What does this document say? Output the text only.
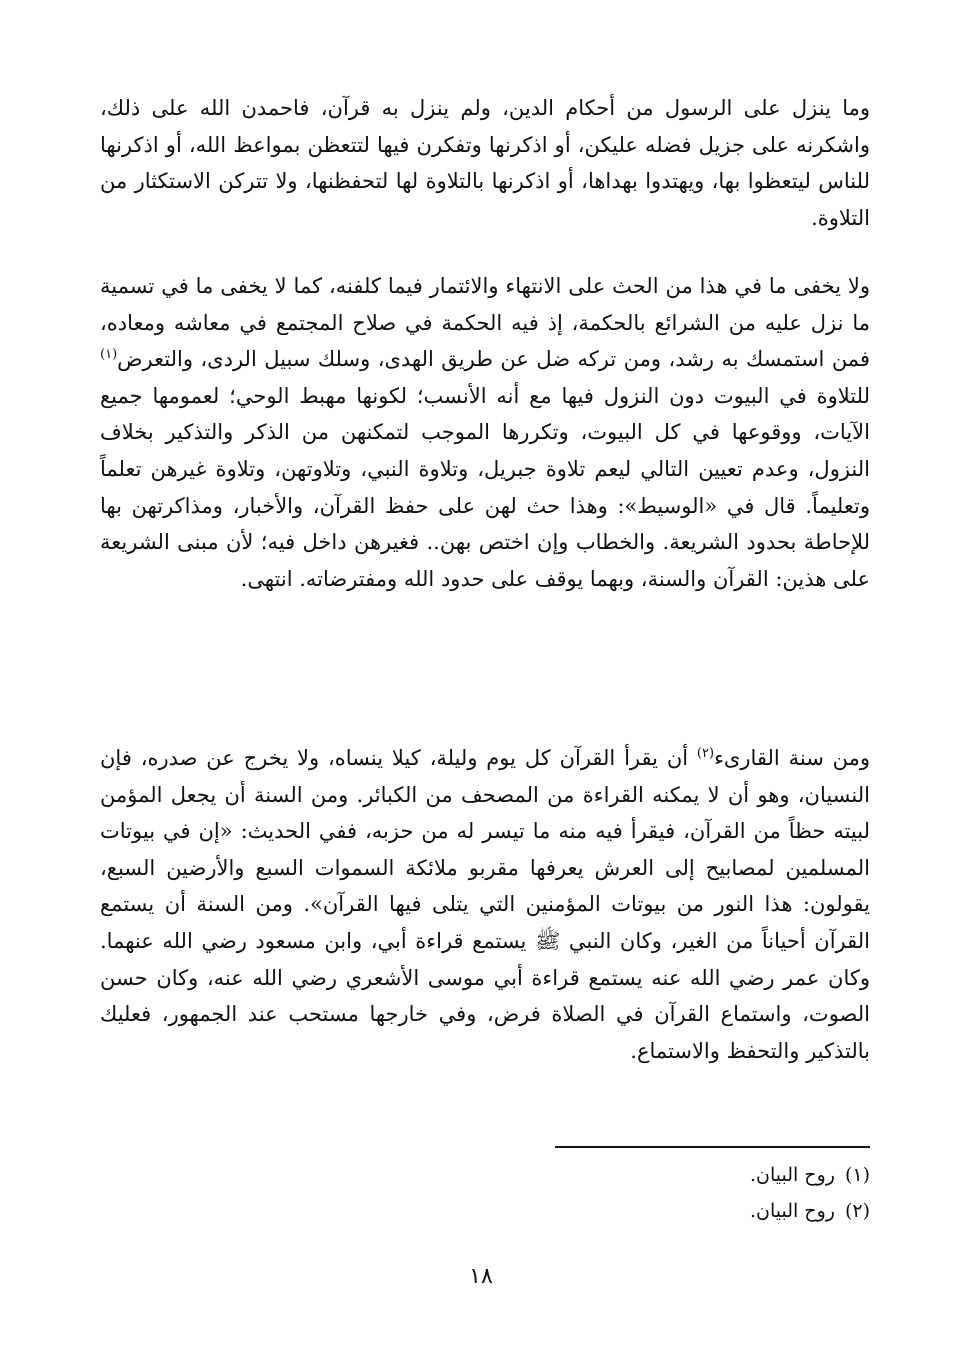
وما ينزل على الرسول من أحكام الدين، ولم ينزل به قرآن، فاحمدن الله على ذلك، واشكرنه على جزيل فضله عليكن، أو اذكرنها وتفكرن فيها لتتعظن بمواعظ الله، أو اذكرنها للناس ليتعظوا بها، ويهتدوا بهداها، أو اذكرنها بالتلاوة لها لتحفظنها، ولا تتركن الاستكثار من التلاوة.

ولا يخفى ما في هذا من الحث على الانتهاء والائتمار فيما كلفنه، كما لا يخفى ما في تسمية ما نزل عليه من الشرائع بالحكمة، إذ فيه الحكمة في صلاح المجتمع في معاشه ومعاده، فمن استمسك به رشد، ومن تركه ضل عن طريق الهدى، وسلك سبيل الردى، والتعرض$^{(١)}$ للتلاوة في البيوت دون النزول فيها مع أنه الأنسب؛ لكونها مهبط الوحي؛ لعمومها جميع الآيات، ووقوعها في كل البيوت، وتكررها الموجب لتمكنهن من الذكر والتذكير بخلاف النزول، وعدم تعيين التالي ليعم تلاوة جبريل، وتلاوة النبي، وتلاوتهن، وتلاوة غيرهن تعلماً وتعليماً. قال في «الوسيط»: وهذا حث لهن على حفظ القرآن، والأخبار، ومذاكرتهن بها للإحاطة بحدود الشريعة. والخطاب وإن اختص بهن.. فغيرهن داخل فيه؛ لأن مبنى الشريعة على هذين: القرآن والسنة، وبهما يوقف على حدود الله ومفترضاته. انتهى.

ومن سنة القارىء$^{(٢)}$ أن يقرأ القرآن كل يوم وليلة، كيلا ينساه، ولا يخرج عن صدره، فإن النسيان، وهو أن لا يمكنه القراءة من المصحف من الكبائر. ومن السنة أن يجعل المؤمن لبيته حظاً من القرآن، فيقرأ فيه منه ما تيسر له من حزبه، ففي الحديث: «إن في بيوتات المسلمين لمصابيح إلى العرش يعرفها مقربو ملائكة السموات السبع والأرضين السبع، يقولون: هذا النور من بيوتات المؤمنين التي يتلى فيها القرآن». ومن السنة أن يستمع القرآن أحياناً من الغير، وكان النبي ﷺ يستمع قراءة أبي، وابن مسعود رضي الله عنهما. وكان عمر رضي الله عنه يستمع قراءة أبي موسى الأشعري رضي الله عنه، وكان حسن الصوت، واستماع القرآن في الصلاة فرض، وفي خارجها مستحب عند الجمهور، فعليك بالتذكير والتحفظ والاستماع.

(١)روح البيان.
(٢)روح البيان.
١٨
